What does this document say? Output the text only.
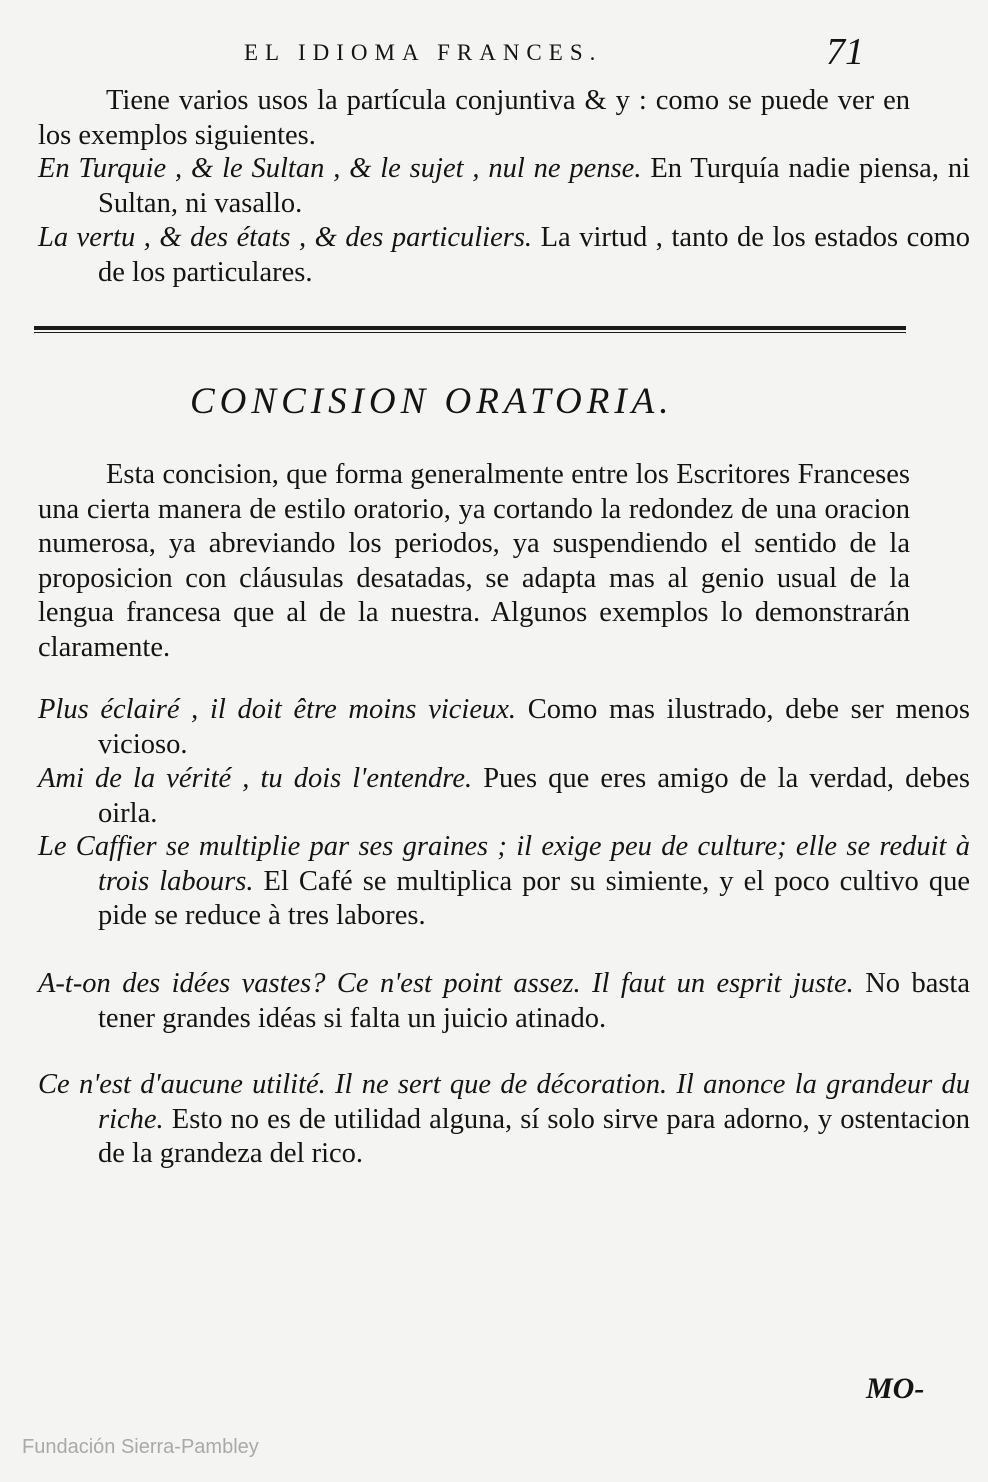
EL IDIOMA FRANCES.	71
Tiene varios usos la partícula conjuntiva & y : como se puede ver en los exemplos siguientes.
En Turquie , & le Sultan , & le sujet , nul ne pense. En Turquía nadie piensa, ni Sultan, ni vasallo.
La vertu , & des états , & des particuliers. La virtud , tanto de los estados como de los particulares.
CONCISION ORATORIA.
Esta concision, que forma generalmente entre los Escritores Franceses una cierta manera de estilo oratorio, ya cortando la redondez de una oracion numerosa, ya abreviando los periodos, ya suspendiendo el sentido de la proposicion con cláusulas desatadas, se adapta mas al genio usual de la lengua francesa que al de la nuestra. Algunos exemplos lo demonstrarán claramente.
Plus éclairé , il doit être moins vicieux. Como mas ilustrado, debe ser menos vicioso.
Ami de la vérité , tu dois l'entendre. Pues que eres amigo de la verdad, debes oirla.
Le Caffier se multiplie par ses graines ; il exige peu de culture; elle se reduit à trois labours. El Café se multiplica por su simiente, y el poco cultivo que pide se reduce à tres labores.
A-t-on des idées vastes? Ce n'est point assez. Il faut un esprit juste. No basta tener grandes idéas si falta un juicio atinado.
Ce n'est d'aucune utilité. Il ne sert que de décoration. Il anonce la grandeur du riche. Esto no es de utilidad alguna, sí solo sirve para adorno, y ostentacion de la grandeza del rico.
MO-
Fundación Sierra-Pambley
